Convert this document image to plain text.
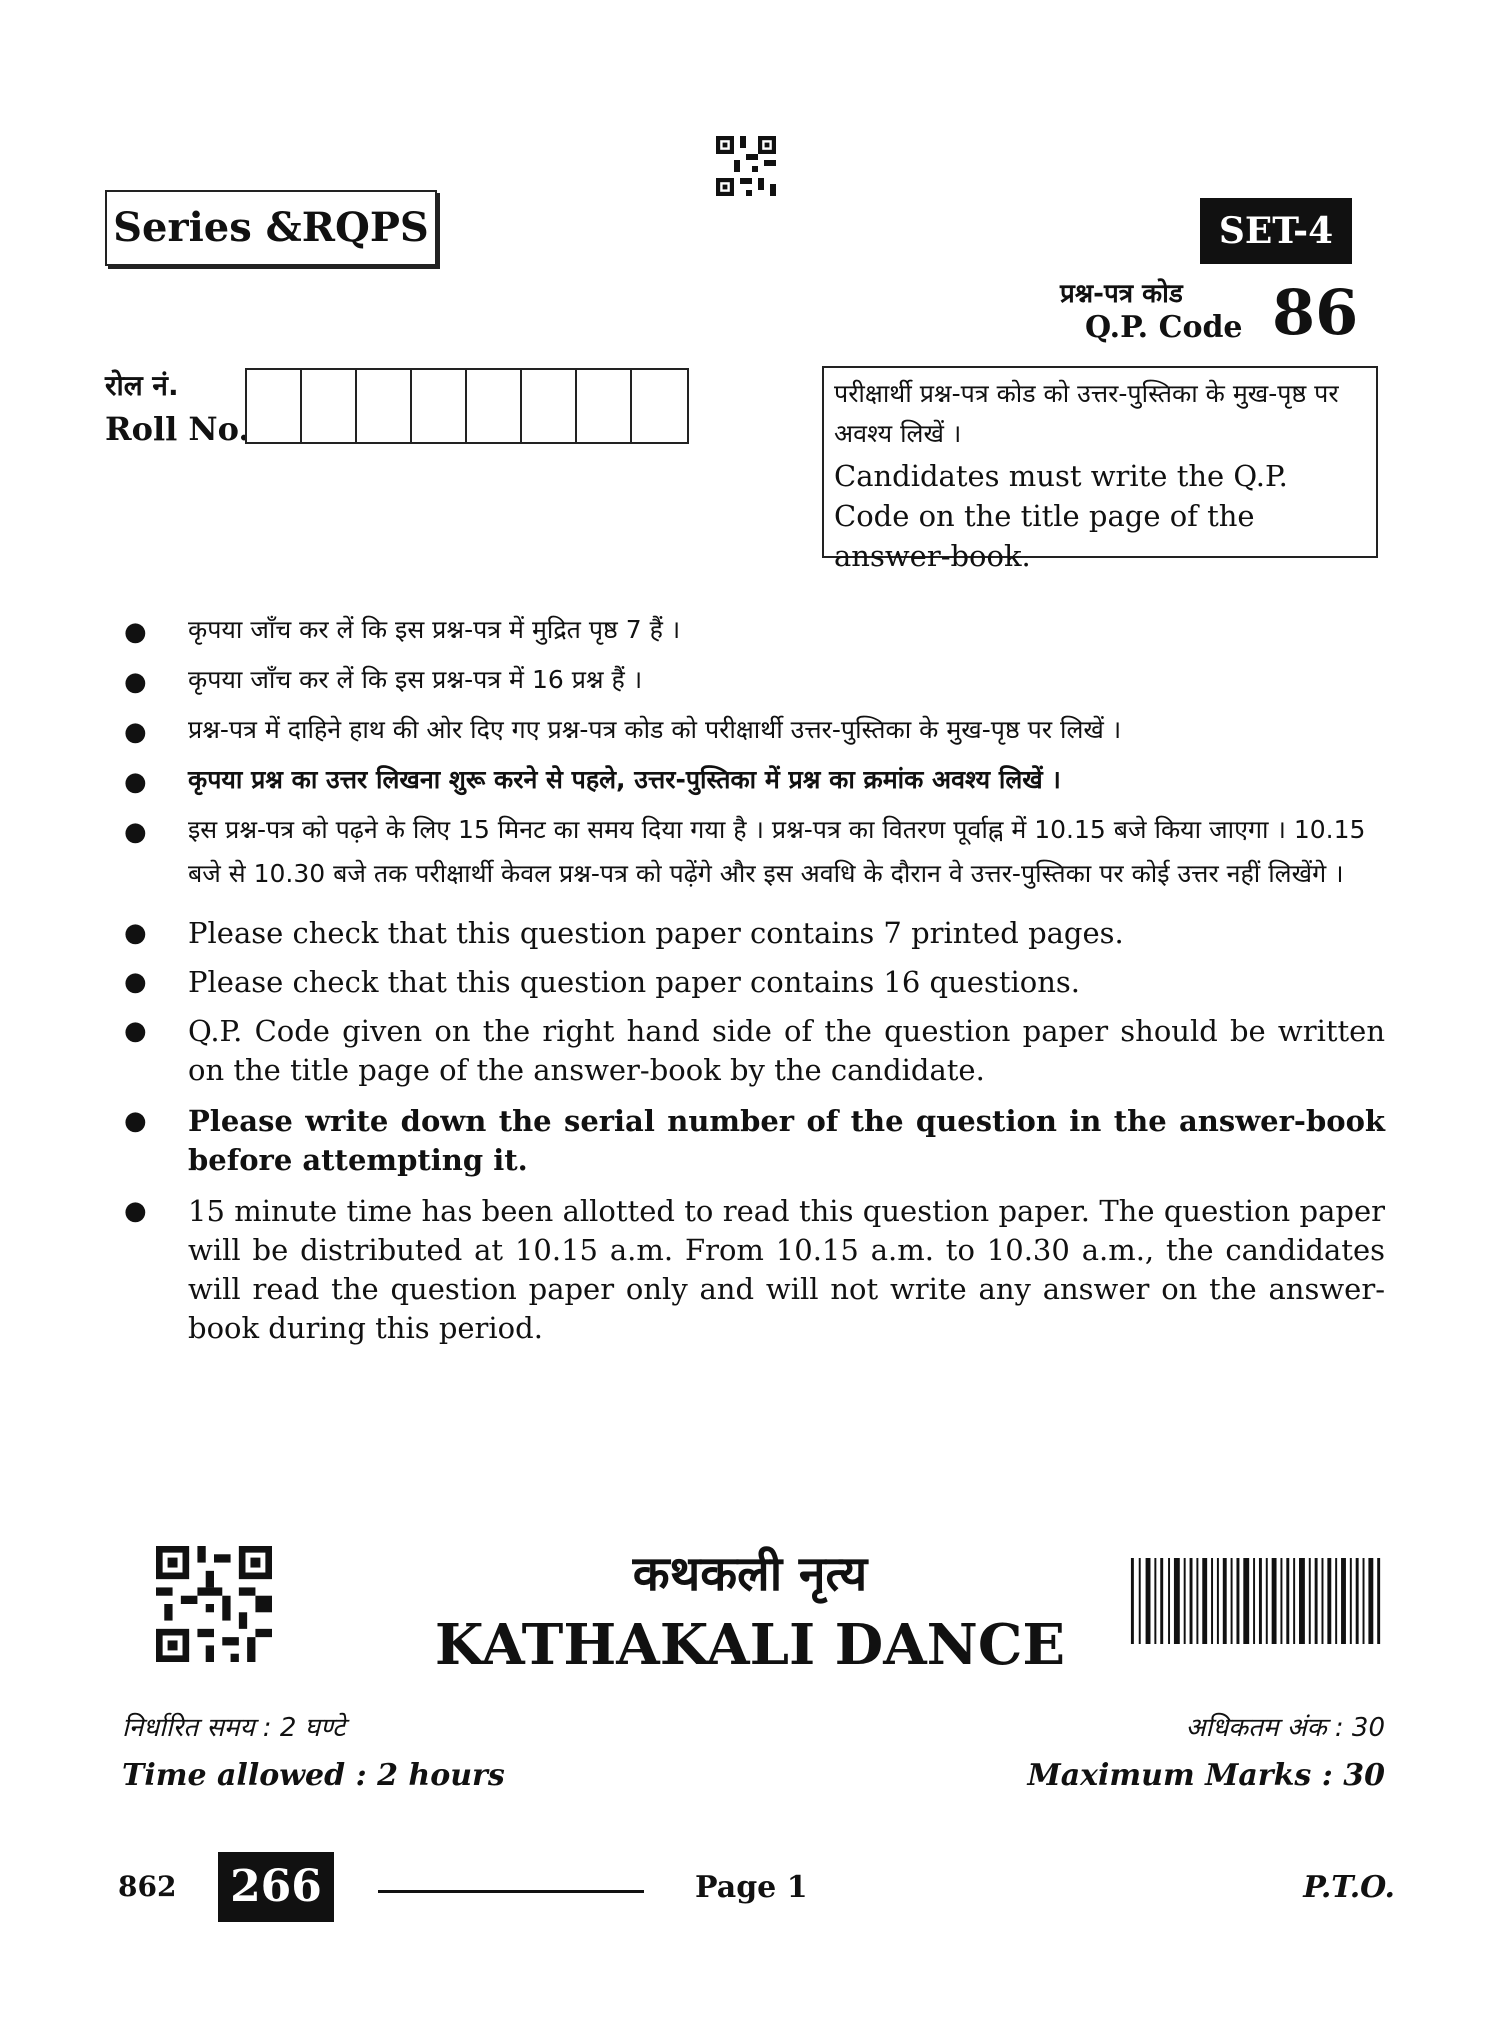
Series &RQPS	SET-4
प्रश्न-पत्र कोड
Q.P. Code 86
रोल नं.
Roll No.
परीक्षार्थी प्रश्न-पत्र कोड को उत्तर-पुस्तिका के मुख-पृष्ठ पर अवश्य लिखें ।
Candidates must write the Q.P. Code on the title page of the answer-book.
● कृपया जाँच कर लें कि इस प्रश्न-पत्र में मुद्रित पृष्ठ 7 हैं ।
● कृपया जाँच कर लें कि इस प्रश्न-पत्र में 16 प्रश्न हैं ।
● प्रश्न-पत्र में दाहिने हाथ की ओर दिए गए प्रश्न-पत्र कोड को परीक्षार्थी उत्तर-पुस्तिका के मुख-पृष्ठ पर लिखें ।
● कृपया प्रश्न का उत्तर लिखना शुरू करने से पहले, उत्तर-पुस्तिका में प्रश्न का क्रमांक अवश्य लिखें ।
● इस प्रश्न-पत्र को पढ़ने के लिए 15 मिनट का समय दिया गया है । प्रश्न-पत्र का वितरण पूर्वाह्न में 10.15 बजे किया जाएगा । 10.15 बजे से 10.30 बजे तक परीक्षार्थी केवल प्रश्न-पत्र को पढ़ेंगे और इस अवधि के दौरान वे उत्तर-पुस्तिका पर कोई उत्तर नहीं लिखेंगे ।
● Please check that this question paper contains 7 printed pages.
● Please check that this question paper contains 16 questions.
● Q.P. Code given on the right hand side of the question paper should be written on the title page of the answer-book by the candidate.
● Please write down the serial number of the question in the answer-book before attempting it.
● 15 minute time has been allotted to read this question paper. The question paper will be distributed at 10.15 a.m. From 10.15 a.m. to 10.30 a.m., the candidates will read the question paper only and will not write any answer on the answer-book during this period.
कथकली नृत्य
KATHAKALI DANCE
निर्धारित समय : 2 घण्टे
Time allowed : 2 hours
अधिकतम अंक : 30
Maximum Marks : 30
862 266	Page 1	P.T.O.
